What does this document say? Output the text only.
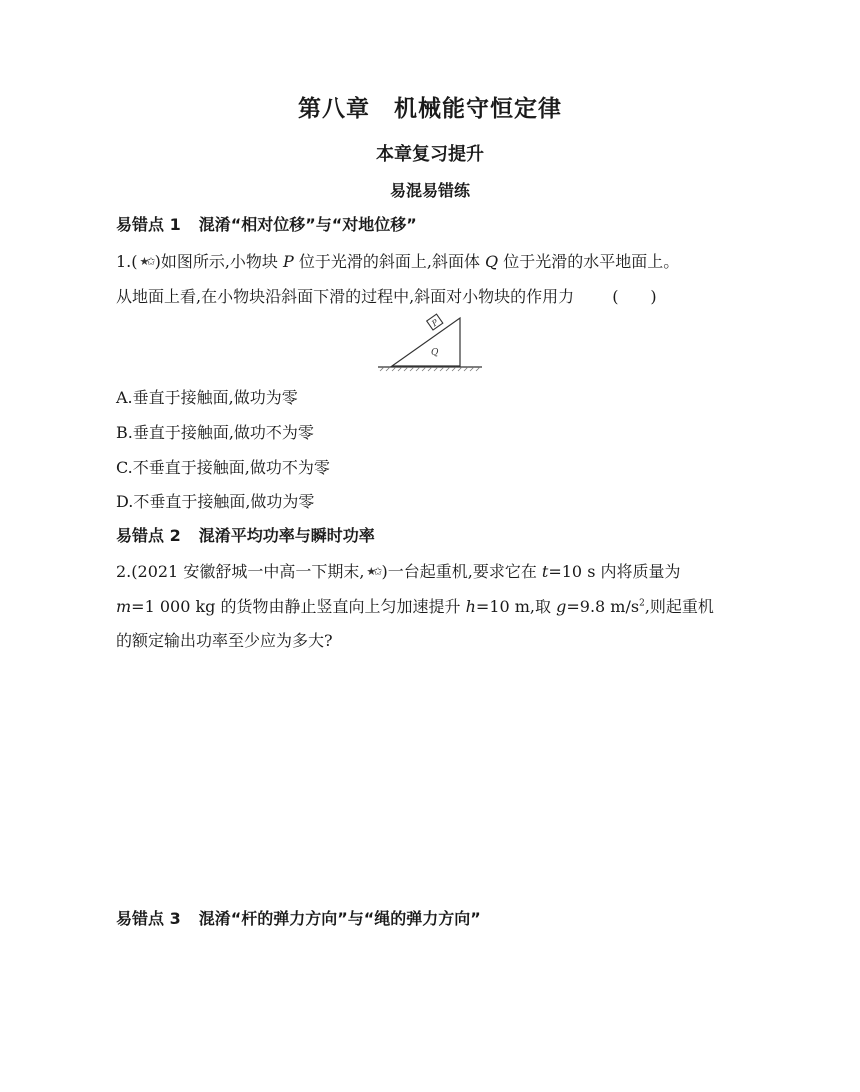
第八章　机械能守恒定律
本章复习提升
易混易错练
易错点 1 混淆“相对位移”与“对地位移”
1.( ★✩ )如图所示,小物块 P 位于光滑的斜面上,斜面体 Q 位于光滑的水平地面上。
从地面上看,在小物块沿斜面下滑的过程中,斜面对小物块的作用力 (　　)
P
Q
A.垂直于接触面,做功为零
B.垂直于接触面,做功不为零
C.不垂直于接触面,做功不为零
D.不垂直于接触面,做功为零
易错点 2 混淆平均功率与瞬时功率
2.(2021 安徽舒城一中高一下期末, ★✩ )一台起重机,要求它在 t=10 s 内将质量为
m=1 000 kg 的货物由静止竖直向上匀加速提升 h=10 m,取 g=9.8 $m/s^2$,则起重机
的额定输出功率至少应为多大?
易错点 3 混淆“杆的弹力方向”与“绳的弹力方向”
